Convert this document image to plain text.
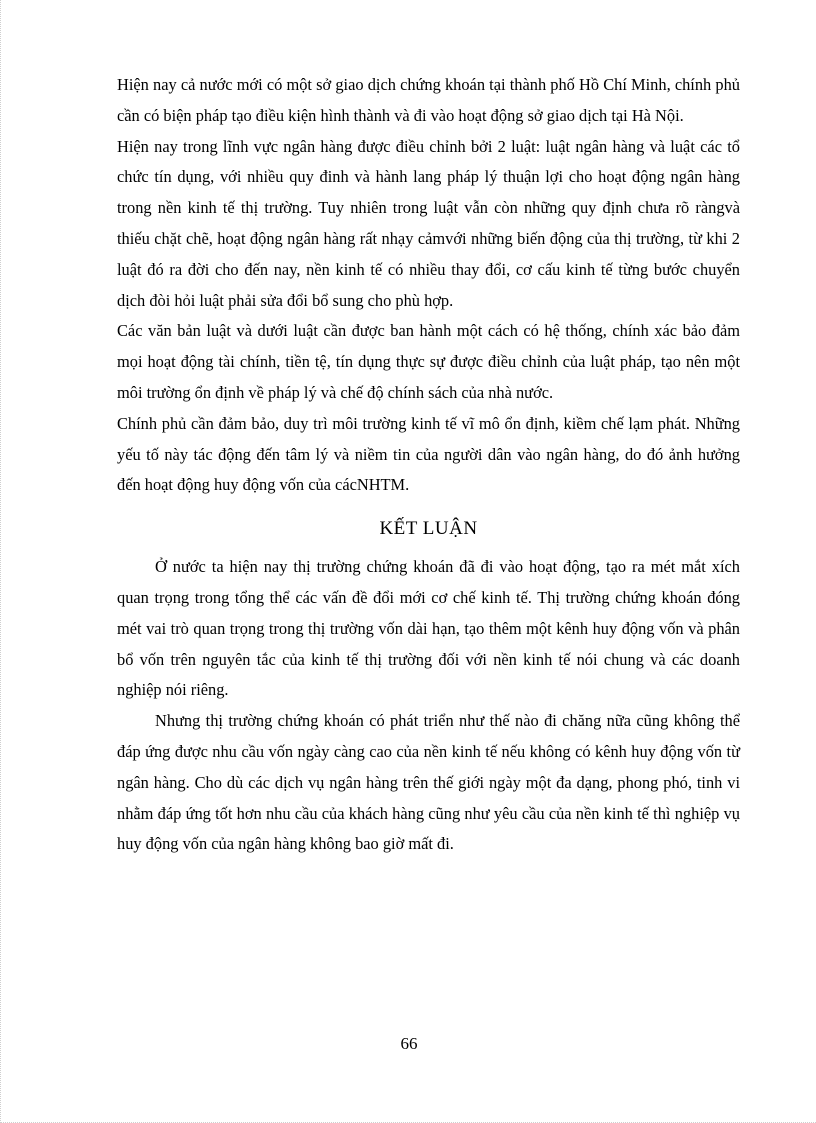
Hiện nay cả nước mới có một sở giao dịch chứng khoán tại thành phố Hồ Chí Minh, chính phủ cần có biện pháp tạo điều kiện hình thành và đi vào hoạt động sở giao dịch tại Hà Nội.

Hiện nay trong lĩnh vực ngân hàng được điều chỉnh bởi 2 luật: luật ngân hàng và luật các tổ chức tín dụng, với nhiều quy đinh và hành lang pháp lý thuận lợi cho hoạt động ngân hàng trong nền kinh tế thị trường. Tuy nhiên trong luật vẫn còn những quy định chưa rõ ràngvà thiếu chặt chẽ, hoạt động ngân hàng rất nhạy cảmvới những biến động của thị trường, từ khi 2 luật đó ra đời cho đến nay, nền kinh tế có nhiều thay đổi, cơ cấu kinh tế từng bước chuyển dịch đòi hỏi luật phải sửa đổi bổ sung cho phù hợp.

Các văn bản luật và dưới luật cần được ban hành một cách có hệ thống, chính xác bảo đảm mọi hoạt động tài chính, tiền tệ, tín dụng thực sự được điều chỉnh của luật pháp, tạo nên một môi trường ổn định về pháp lý và chế độ chính sách của nhà nước.

Chính phủ cần đảm bảo, duy trì môi trường kinh tế vĩ mô ổn định, kiềm chế lạm phát. Những yếu tố này tác động đến tâm lý và niềm tin của người dân vào ngân hàng, do đó ảnh hưởng đến hoạt động huy động vốn của cácNHTM.

KẾT LUẬN

Ở nước ta hiện nay thị trường chứng khoán đã đi vào hoạt động, tạo ra mét mắt xích quan trọng trong tổng thể các vấn đề đổi mới cơ chế kinh tế. Thị trường chứng khoán đóng mét vai trò quan trọng trong thị trường vốn dài hạn, tạo thêm một kênh huy động vốn và phân bổ vốn trên nguyên tắc của kinh tế thị trường đối với nền kinh tế nói chung và các doanh nghiệp nói riêng.

Nhưng thị trường chứng khoán có phát triển như thế nào đi chăng nữa cũng không thể đáp ứng được nhu cầu vốn ngày càng cao của nền kinh tế nếu không có kênh huy động vốn từ ngân hàng. Cho dù các dịch vụ ngân hàng trên thế giới ngày một đa dạng, phong phó, tinh vi nhằm đáp ứng tốt hơn nhu cầu của khách hàng cũng như yêu cầu của nền kinh tế thì nghiệp vụ huy động vốn của ngân hàng không bao giờ mất đi.

66
